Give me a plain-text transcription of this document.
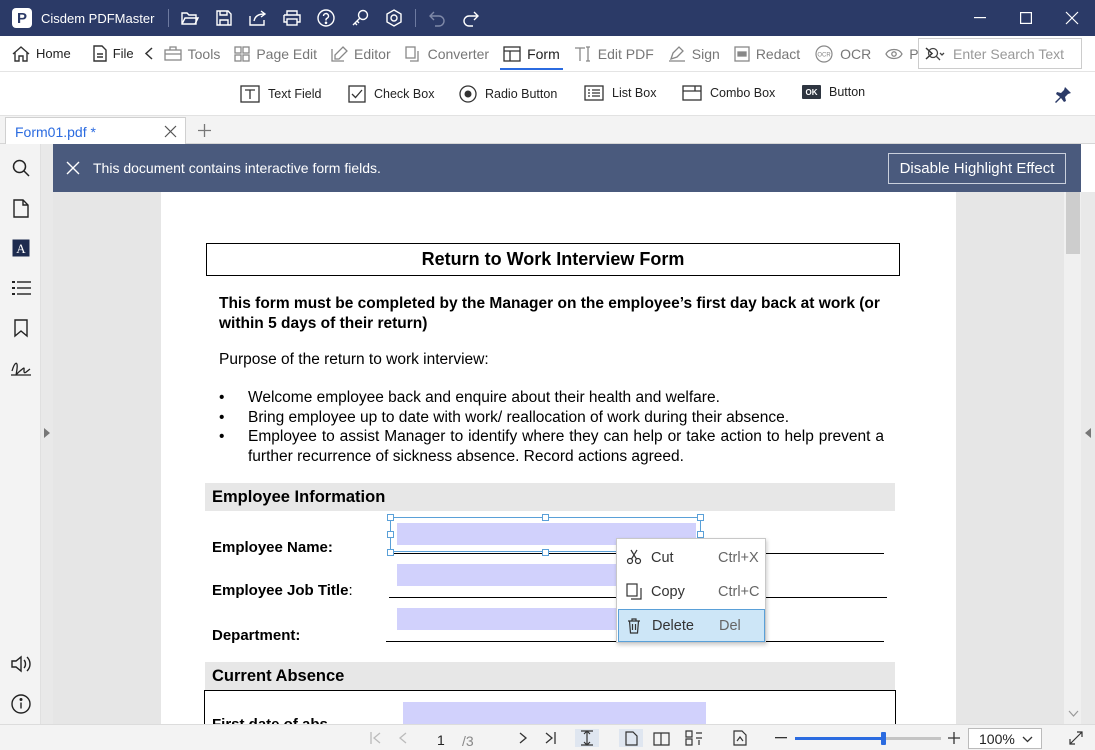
P	Cisdem PDFMaster
Home	File	Tools	Page Edit	Editor	Converter	Form	Edit PDF	Sign	Redact	OCR OCR	P Enter Search Text
Text Field	Check Box	Radio Button	List Box	Combo Box	OK Button
Form01.pdf *
A
This document contains interactive form fields.	Disable Highlight Effect
Return to Work Interview Form
This form must be completed by the Manager on the employee’s first day back at work (or within 5 days of their return)
Purpose of the return to work interview:
• Welcome employee back and enquire about their health and welfare.
• Bring employee up to date with work/ reallocation of work during their absence.
• Employee to assist Manager to identify where they can help or take action to help prevent a further recurrence of sickness absence. Record actions agreed.
Employee Information
Employee Name:
Employee Job Title:
Department:
Current Absence
Cut	Ctrl+X
Copy Ctrl+C
Delete Del
1 /3	100%
